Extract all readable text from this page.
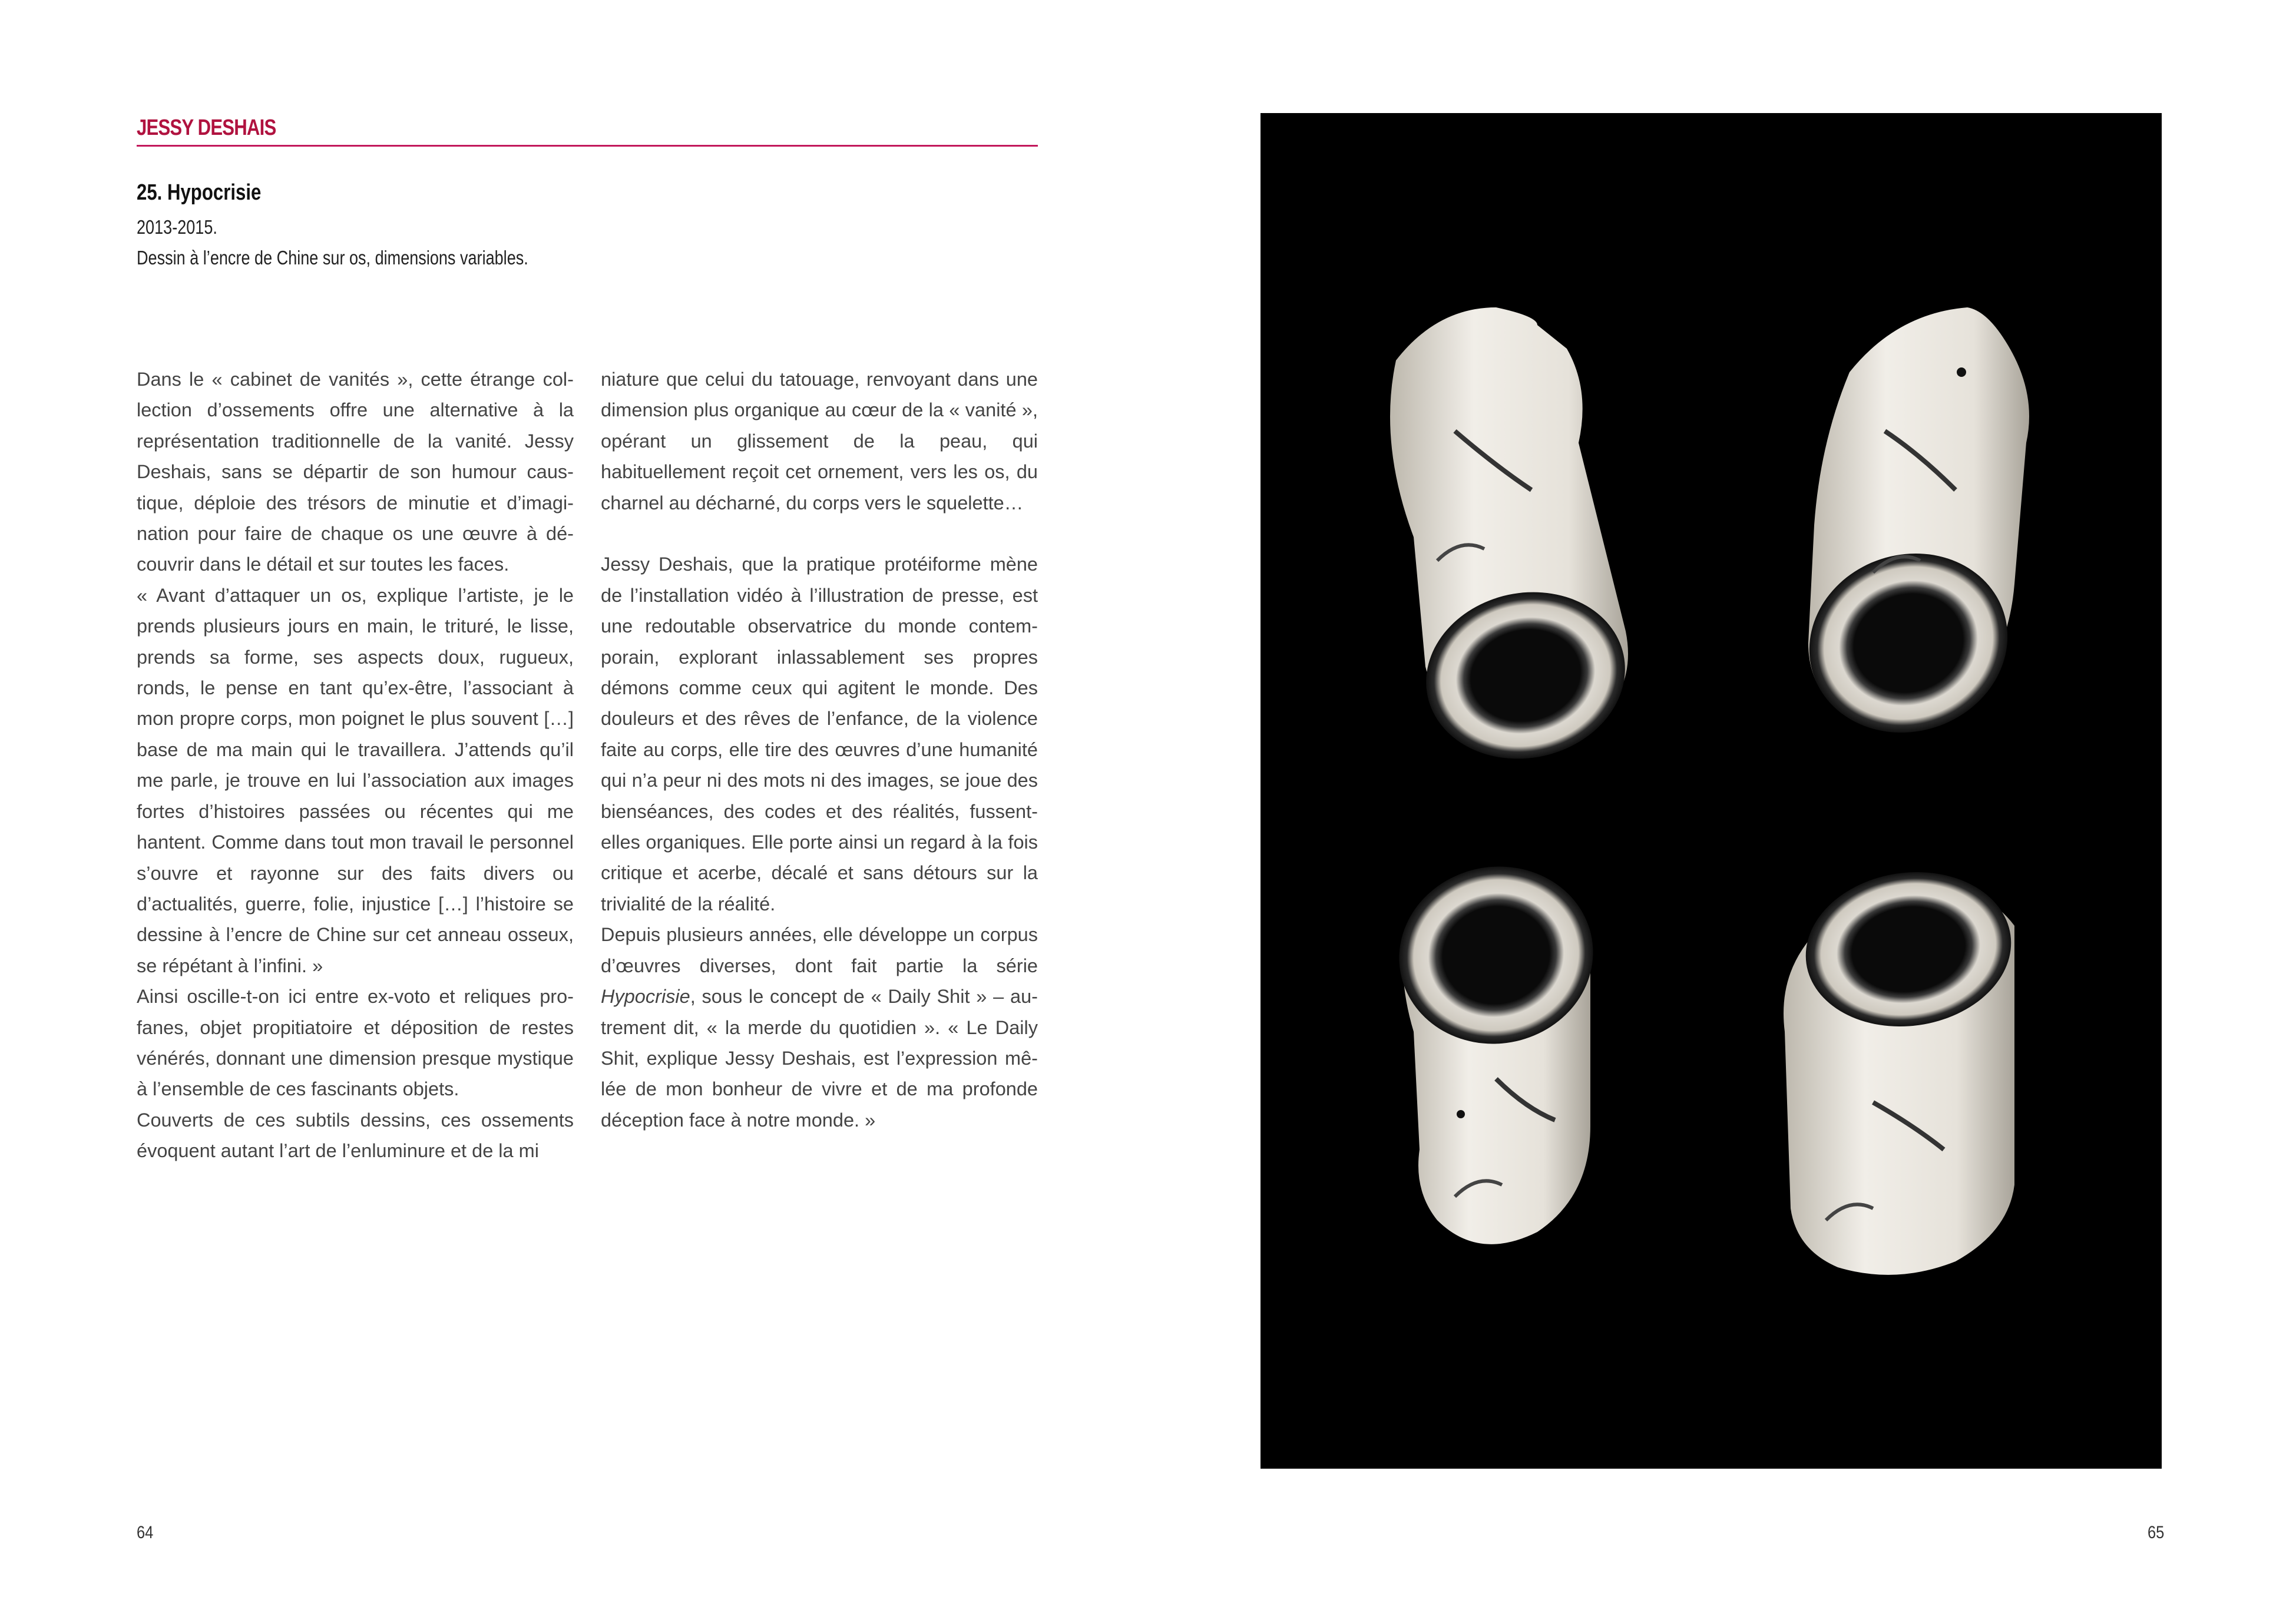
JESSY DESHAIS
25. Hypocrisie
2013-2015.
Dessin à l’encre de Chine sur os, dimensions variables.

Dans le « cabinet de vanités », cette étrange collection d’ossements offre une alternative à la représentation traditionnelle de la vanité. Jessy Deshais, sans se départir de son humour caustique, déploie des trésors de minutie et d’imagination pour faire de chaque os une œuvre à découvrir dans le détail et sur toutes les faces.

« Avant d’attaquer un os, explique l’artiste, je le prends plusieurs jours en main, le trituré, le lisse, prends sa forme, ses aspects doux, rugueux, ronds, le pense en tant qu’ex-être, l’associant à mon propre corps, mon poignet le plus souvent […] base de ma main qui le travaillera. J’attends qu’il me parle, je trouve en lui l’association aux images fortes d’histoires passées ou récentes qui me hantent. Comme dans tout mon travail le personnel s’ouvre et rayonne sur des faits divers ou d’actualités, guerre, folie, injustice […] l’histoire se dessine à l’encre de Chine sur cet anneau osseux, se répétant à l’infini. »

Ainsi oscille-t-on ici entre ex-voto et reliques profanes, objet propitiatoire et déposition de restes vénérés, donnant une dimension presque mystique à l’ensemble de ces fascinants objets.

Couverts de ces subtils dessins, ces ossements évoquent autant l’art de l’enluminure et de la mi

niature que celui du tatouage, renvoyant dans une dimension plus organique au cœur de la « vanité », opérant un glissement de la peau, qui habituellement reçoit cet ornement, vers les os, du charnel au décharné, du corps vers le squelette…

Jessy Deshais, que la pratique protéiforme mène de l’installation vidéo à l’illustration de presse, est une redoutable observatrice du monde contemporain, explorant inlassablement ses propres démons comme ceux qui agitent le monde. Des douleurs et des rêves de l’enfance, de la violence faite au corps, elle tire des œuvres d’une humanité qui n’a peur ni des mots ni des images, se joue des bienséances, des codes et des réalités, fussent-elles organiques. Elle porte ainsi un regard à la fois critique et acerbe, décalé et sans détours sur la trivialité de la réalité.

Depuis plusieurs années, elle développe un corpus d’œuvres diverses, dont fait partie la série Hypocrisie, sous le concept de « Daily Shit » – autrement dit, « la merde du quotidien ». « Le Daily Shit, explique Jessy Deshais, est l’expression mêlée de mon bonheur de vivre et de ma profonde déception face à notre monde. »

64	65
